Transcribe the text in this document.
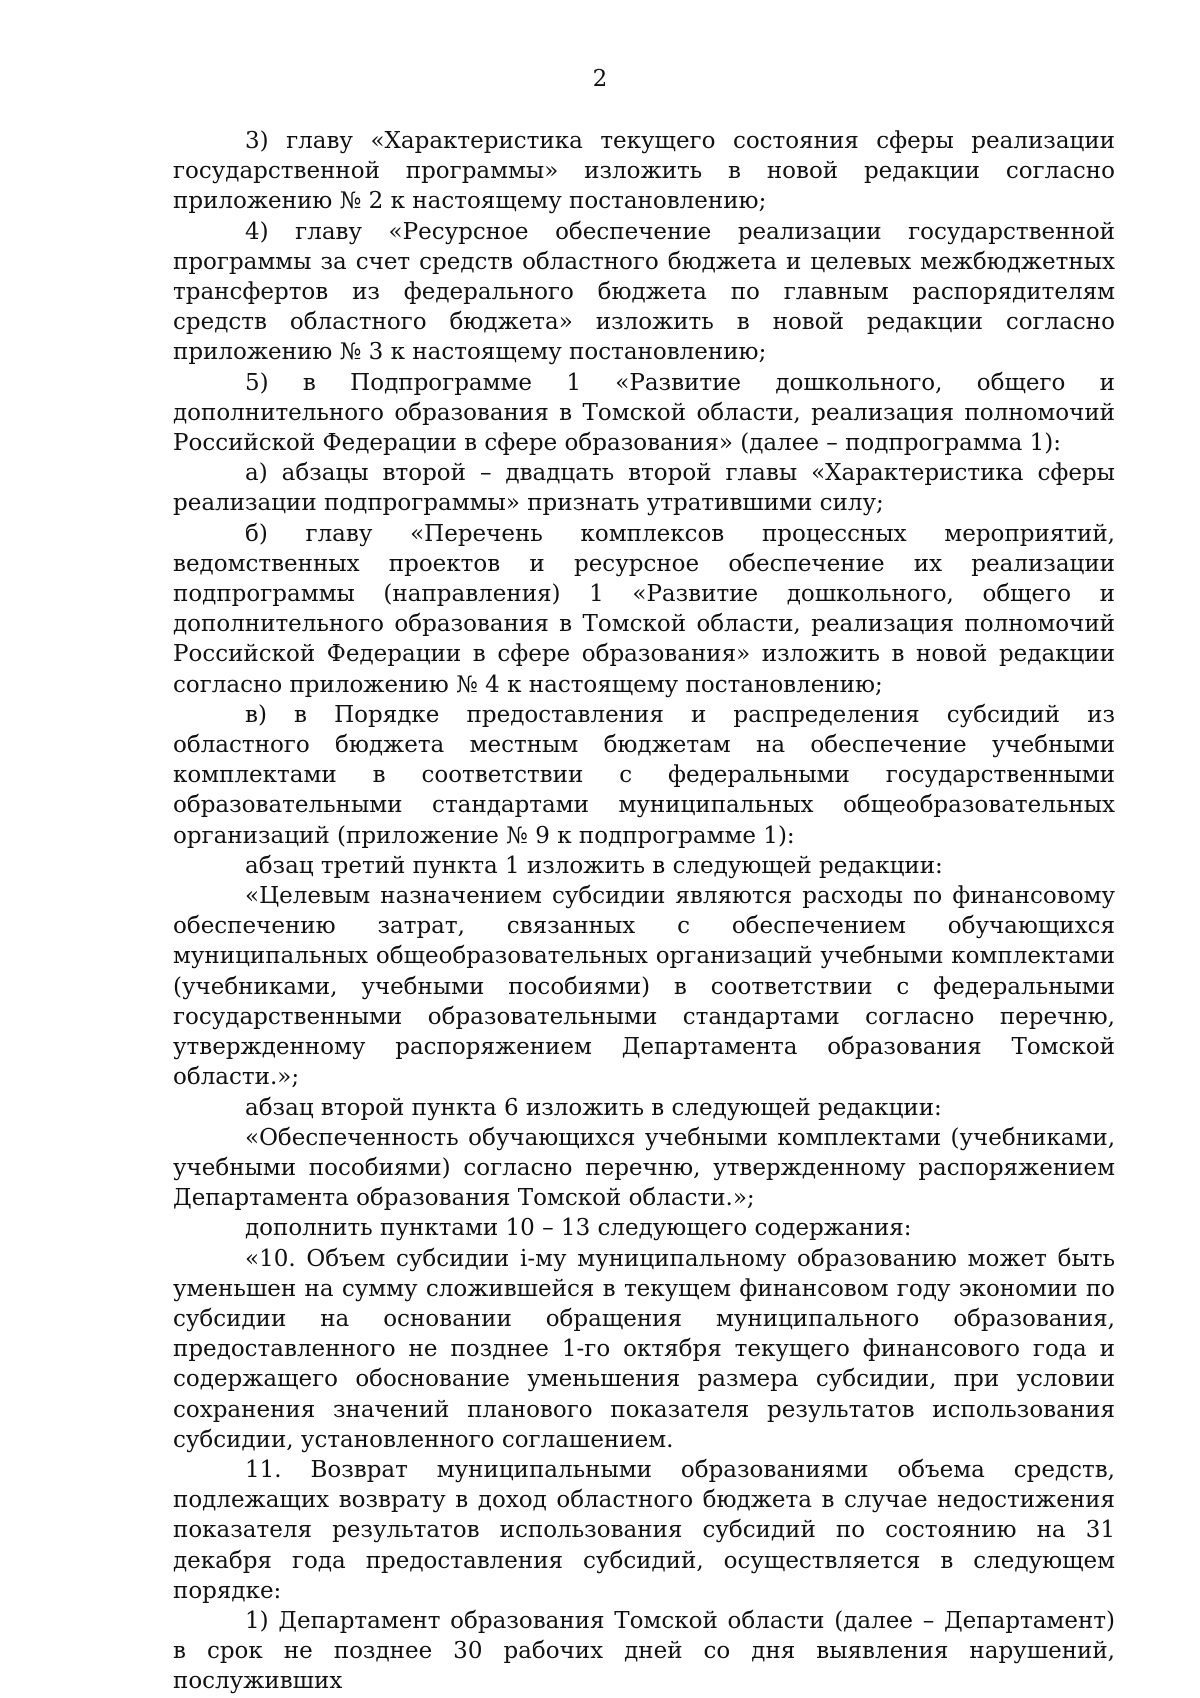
2

3) главу «Характеристика текущего состояния сферы реализации государственной программы» изложить в новой редакции согласно приложению № 2 к настоящему постановлению;

4) главу «Ресурсное обеспечение реализации государственной программы за счет средств областного бюджета и целевых межбюджетных трансфертов из федерального бюджета по главным распорядителям средств областного бюджета» изложить в новой редакции согласно приложению № 3 к настоящему постановлению;

5) в Подпрограмме 1 «Развитие дошкольного, общего и дополнительного образования в Томской области, реализация полномочий Российской Федерации в сфере образования» (далее – подпрограмма 1):

а) абзацы второй – двадцать второй главы «Характеристика сферы реализации подпрограммы» признать утратившими силу;

б) главу «Перечень комплексов процессных мероприятий, ведомственных проектов и ресурсное обеспечение их реализации подпрограммы (направления) 1 «Развитие дошкольного, общего и дополнительного образования в Томской области, реализация полномочий Российской Федерации в сфере образования» изложить в новой редакции согласно приложению № 4 к настоящему постановлению;

в) в Порядке предоставления и распределения субсидий из областного бюджета местным бюджетам на обеспечение учебными комплектами в соответствии с федеральными государственными образовательными стандартами муниципальных общеобразовательных организаций (приложение № 9 к подпрограмме 1):

абзац третий пункта 1 изложить в следующей редакции:

«Целевым назначением субсидии являются расходы по финансовому обеспечению затрат, связанных с обеспечением обучающихся муниципальных общеобразовательных организаций учебными комплектами (учебниками, учебными пособиями) в соответствии с федеральными государственными образовательными стандартами согласно перечню, утвержденному распоряжением Департамента образования Томской области.»;

абзац второй пункта 6 изложить в следующей редакции:

«Обеспеченность обучающихся учебными комплектами (учебниками, учебными пособиями) согласно перечню, утвержденному распоряжением Департамента образования Томской области.»;

дополнить пунктами 10 – 13 следующего содержания:

«10. Объем субсидии i-му муниципальному образованию может быть уменьшен на сумму сложившейся в текущем финансовом году экономии по субсидии на основании обращения муниципального образования, предоставленного не позднее 1-го октября текущего финансового года и содержащего обоснование уменьшения размера субсидии, при условии сохранения значений планового показателя результатов использования субсидии, установленного соглашением.

11. Возврат муниципальными образованиями объема средств, подлежащих возврату в доход областного бюджета в случае недостижения показателя результатов использования субсидий по состоянию на 31 декабря года предоставления субсидий, осуществляется в следующем порядке:

1) Департамент образования Томской области (далее – Департамент) в срок не позднее 30 рабочих дней со дня выявления нарушений, послуживших
